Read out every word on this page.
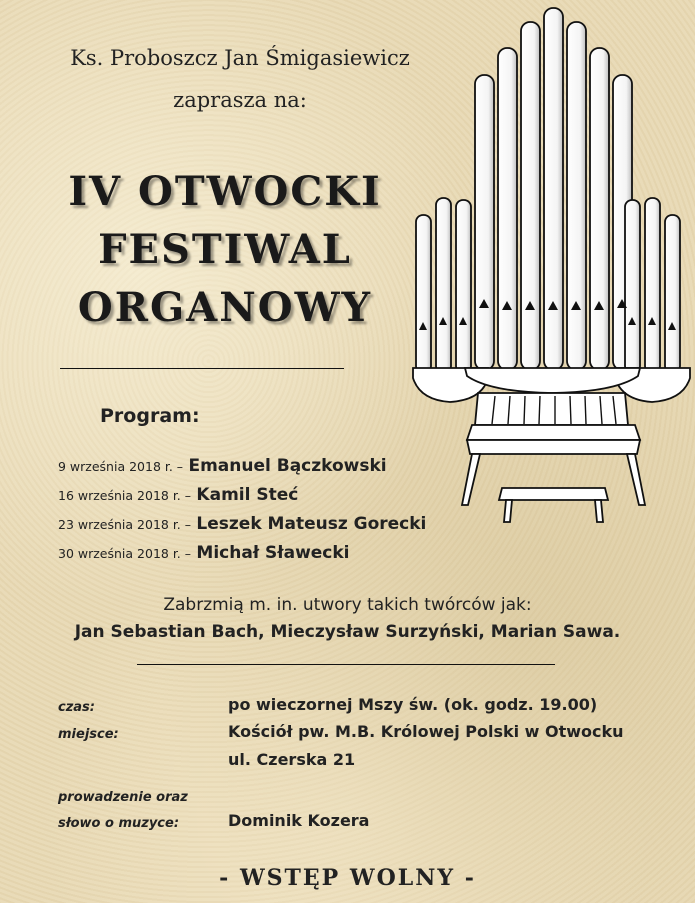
Ks. Proboszcz Jan Śmigasiewicz
zaprasza na:
IV OTWOCKI
FESTIWAL
ORGANOWY
Program:
9 września 2018 r. – Emanuel Bączkowski
16 września 2018 r. – Kamil Steć
23 września 2018 r. – Leszek Mateusz Gorecki
30 września 2018 r. – Michał Sławecki
Zabrzmią m. in. utwory takich twórców jak:
Jan Sebastian Bach, Mieczysław Surzyński, Marian Sawa.
czas:	po wieczornej Mszy św. (ok. godz. 19.00)
miejsce:	Kościół pw. M.B. Królowej Polski w Otwocku
ul. Czerska 21
prowadzenie oraz
słowo o muzyce:	Dominik Kozera
- WSTĘP WOLNY -
